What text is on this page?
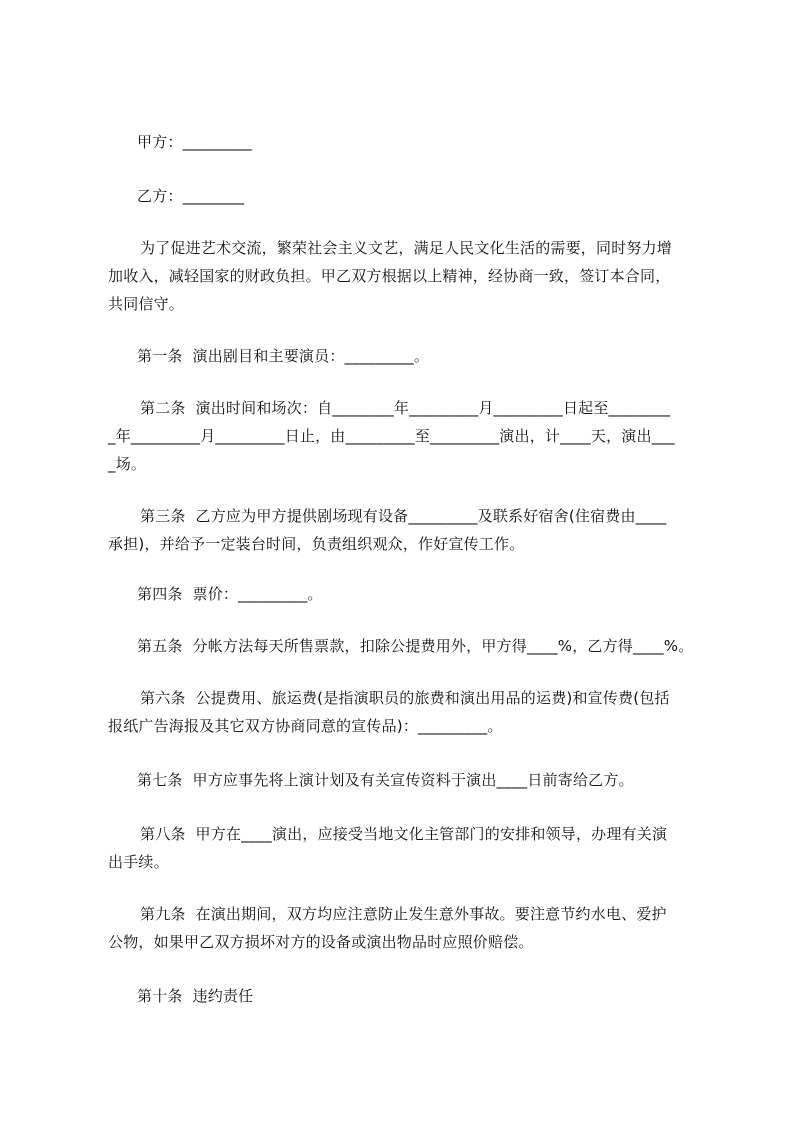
甲方：_________
乙方：________
为了促进艺术交流，繁荣社会主义文艺，满足人民文化生活的需要，同时努力增
加收入，减轻国家的财政负担。甲乙双方根据以上精神，经协商一致，签订本合同，
共同信守。
第一条  演出剧目和主要演员：_________。
第二条  演出时间和场次：自________年_________月_________日起至________
_年_________月_________日止，由_________至_________演出，计____天，演出___
_场。
第三条  乙方应为甲方提供剧场现有设备_________及联系好宿舍(住宿费由____
承担)，并给予一定装台时间，负责组织观众，作好宣传工作。
第四条  票价：_________。
第五条  分帐方法每天所售票款，扣除公提费用外，甲方得____%，乙方得____%。
第六条  公提费用、旅运费(是指演职员的旅费和演出用品的运费)和宣传费(包括
报纸广告海报及其它双方协商同意的宣传品)：_________。
第七条  甲方应事先将上演计划及有关宣传资料于演出____日前寄给乙方。
第八条  甲方在____演出，应接受当地文化主管部门的安排和领导，办理有关演
出手续。
第九条  在演出期间，双方均应注意防止发生意外事故。要注意节约水电、爱护
公物，如果甲乙双方损坏对方的设备或演出物品时应照价赔偿。
第十条  违约责任
